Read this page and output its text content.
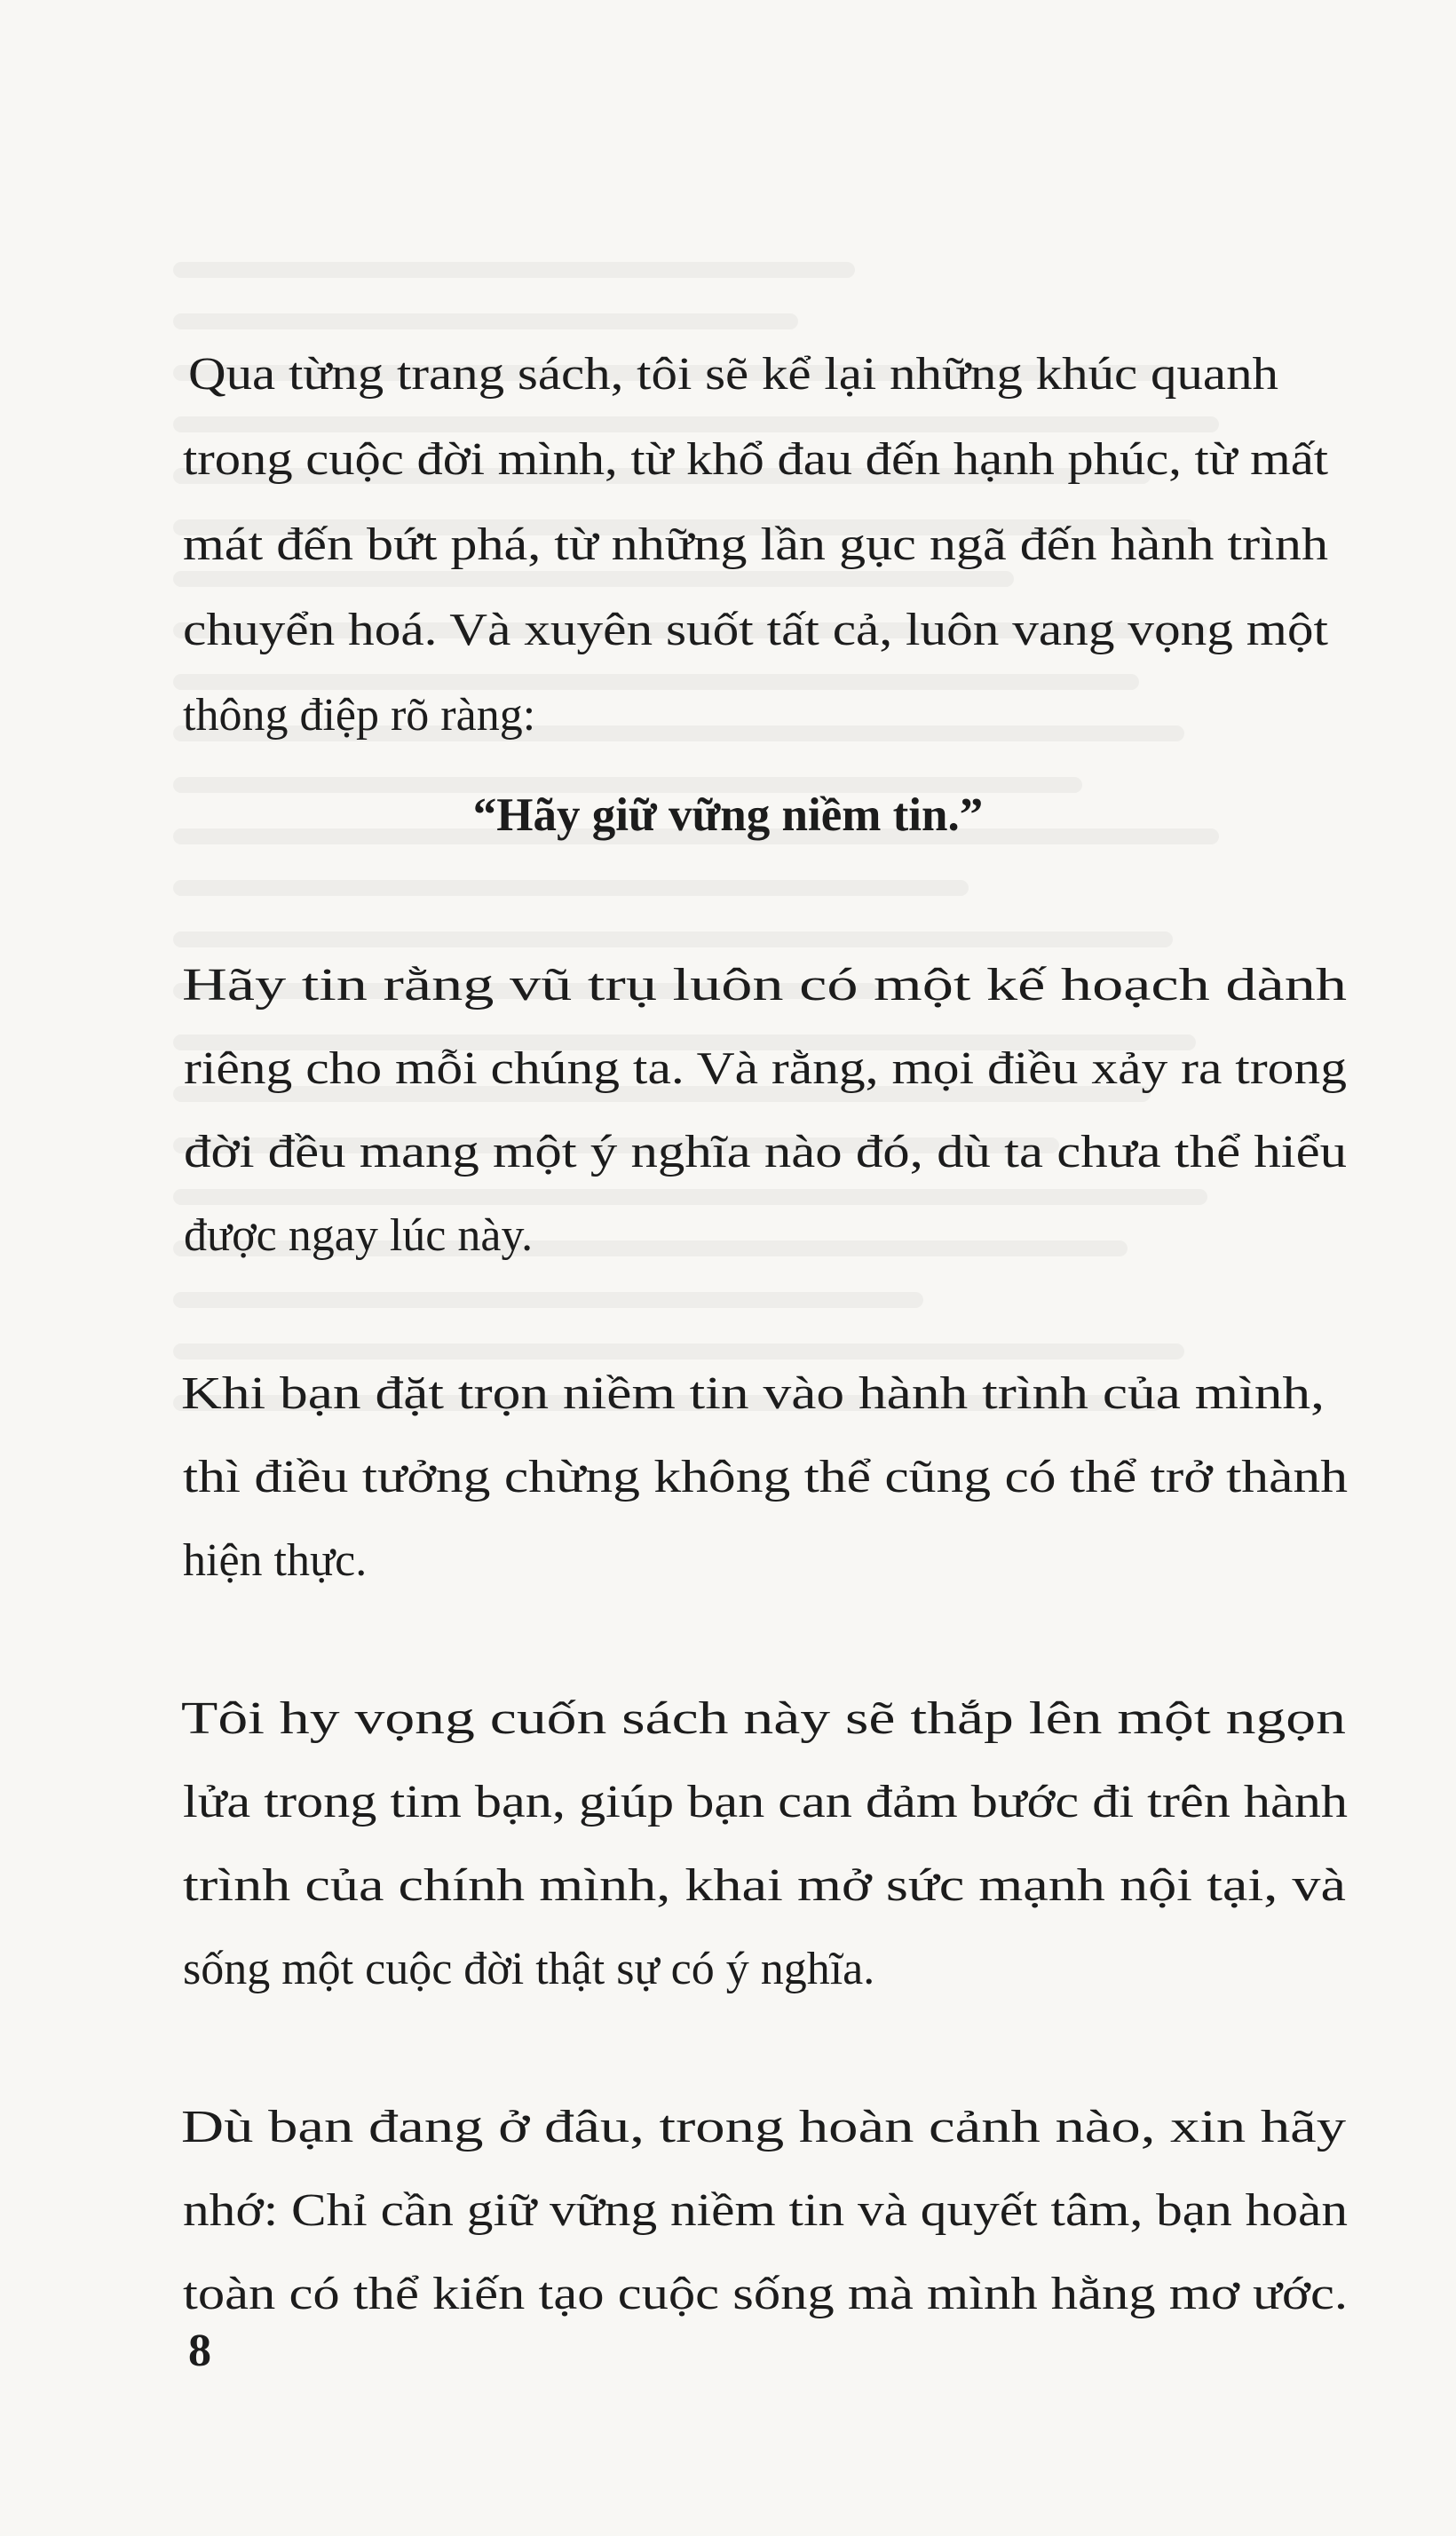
Qua từng trang sách, tôi sẽ kể lại những khúc quanh
trong cuộc đời mình, từ khổ đau đến hạnh phúc, từ mất
mát đến bứt phá, từ những lần gục ngã đến hành trình
chuyển hoá. Và xuyên suốt tất cả, luôn vang vọng một
thông điệp rõ ràng:
“Hãy giữ vững niềm tin.”
Hãy tin rằng vũ trụ luôn có một kế hoạch dành
riêng cho mỗi chúng ta. Và rằng, mọi điều xảy ra trong
đời đều mang một ý nghĩa nào đó, dù ta chưa thể hiểu
được ngay lúc này.
Khi bạn đặt trọn niềm tin vào hành trình của mình,
thì điều tưởng chừng không thể cũng có thể trở thành
hiện thực.
Tôi hy vọng cuốn sách này sẽ thắp lên một ngọn
lửa trong tim bạn, giúp bạn can đảm bước đi trên hành
trình của chính mình, khai mở sức mạnh nội tại, và
sống một cuộc đời thật sự có ý nghĩa.
Dù bạn đang ở đâu, trong hoàn cảnh nào, xin hãy
nhớ: Chỉ cần giữ vững niềm tin và quyết tâm, bạn hoàn
toàn có thể kiến tạo cuộc sống mà mình hằng mơ ước.
8
